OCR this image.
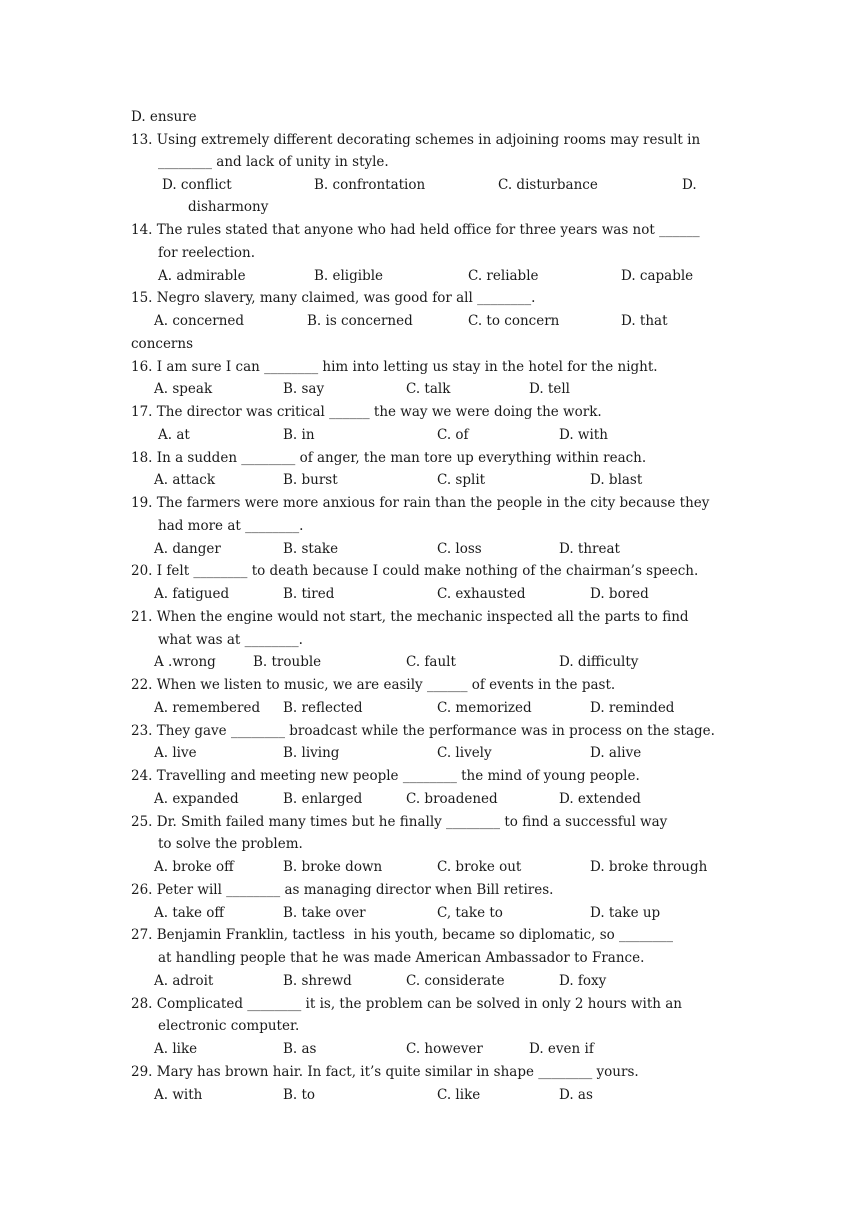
D. ensure
13. Using extremely different decorating schemes in adjoining rooms may result in
________ and lack of unity in style.
D. conflict	B. confrontation	C. disturbance	D.
disharmony
14. The rules stated that anyone who had held office for three years was not ______
for reelection.
A. admirable	B. eligible	C. reliable	D. capable
15. Negro slavery, many claimed, was good for all ________.
A. concerned	B. is concerned	C. to concern	D. that
concerns
16. I am sure I can ________ him into letting us stay in the hotel for the night.
A. speak	B. say	C. talk	D. tell
17. The director was critical ______ the way we were doing the work.
A. at	B. in	C. of	D. with
18. In a sudden ________ of anger, the man tore up everything within reach.
A. attack	B. burst	C. split	D. blast
19. The farmers were more anxious for rain than the people in the city because they
had more at ________.
A. danger	B. stake	C. loss	D. threat
20. I felt ________ to death because I could make nothing of the chairman’s speech.
A. fatigued	B. tired	C. exhausted	D. bored
21. When the engine would not start, the mechanic inspected all the parts to find
what was at ________.
A .wrong	B. trouble	C. fault	D. difficulty
22. When we listen to music, we are easily ______ of events in the past.
A. remembered B. reflected	C. memorized	D. reminded
23. They gave ________ broadcast while the performance was in process on the stage.
A. live	B. living	C. lively	D. alive
24. Travelling and meeting new people ________ the mind of young people.
A. expanded	B. enlarged	C. broadened	D. extended
25. Dr. Smith failed many times but he finally ________ to find a successful way
to solve the problem.
A. broke off	B. broke down	C. broke out	D. broke through
26. Peter will ________ as managing director when Bill retires.
A. take off	B. take over	C, take to	D. take up
27. Benjamin Franklin, tactless  in his youth, became so diplomatic, so ________
at handling people that he was made American Ambassador to France.
A. adroit	B. shrewd	C. considerate	D. foxy
28. Complicated ________ it is, the problem can be solved in only 2 hours with an
electronic computer.
A. like	B. as	C. however	D. even if
29. Mary has brown hair. In fact, it’s quite similar in shape ________ yours.
A. with	B. to	C. like	D. as
